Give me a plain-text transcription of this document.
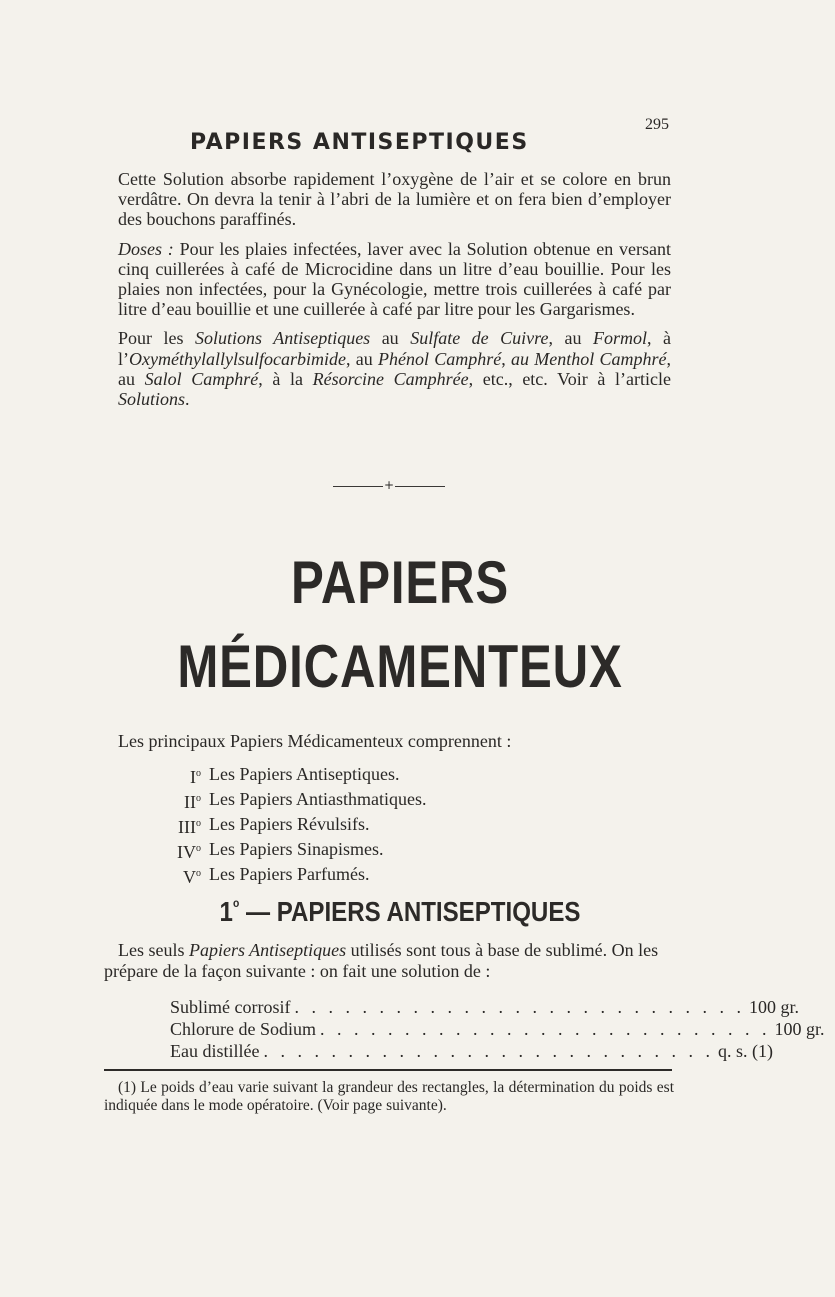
295
PAPIERS ANTISEPTIQUES

Cette Solution absorbe rapidement l’oxygène de l’air et se colore en brun verdâtre. On devra la tenir à l’abri de la lumière et on fera bien d’employer des bouchons paraffinés.

Doses : Pour les plaies infectées, laver avec la Solution obtenue en versant cinq cuillerées à café de Microcidine dans un litre d’eau bouillie. Pour les plaies non infectées, pour la Gynécologie, mettre trois cuillerées à café par litre d’eau bouillie et une cuillerée à café par litre pour les Gargarismes.

Pour les Solutions Antiseptiques au Sulfate de Cuivre, au Formol, à l’Oxyméthylallylsulfocarbimide, au Phénol Camphré, au Menthol Camphré, au Salol Camphré, à la Résorcine Camphrée, etc., etc. Voir à l’article Solutions.

+
PAPIERS
MÉDICAMENTEUX
Les principaux Papiers Médicamenteux comprennent :
$I^o$ Les Papiers Antiseptiques.
$II^o$ Les Papiers Antiasthmatiques.
III$^o$ Les Papiers Révulsifs.
$IV^o$ Les Papiers Sinapismes.
$V^o$ Les Papiers Parfumés.
1$^o$ — PAPIERS ANTISEPTIQUES

Les seuls Papiers Antiseptiques utilisés sont tous à base de sublimé. On les prépare de la façon suivante : on fait une solution de :

Sublimé corrosif . . . . . . . . . . . . . . . . . . . . . . . . . . . 100 gr.
Chlorure de Sodium . . . . . . . . . . . . . . . . . . . . . . . . . . . 100 gr.
Eau distillée . . . . . . . . . . . . . . . . . . . . . . . . . . . q. s. (1)
(1) Le poids d’eau varie suivant la grandeur des rectangles, la détermination du poids est indiquée dans le mode opératoire. (Voir page suivante).
